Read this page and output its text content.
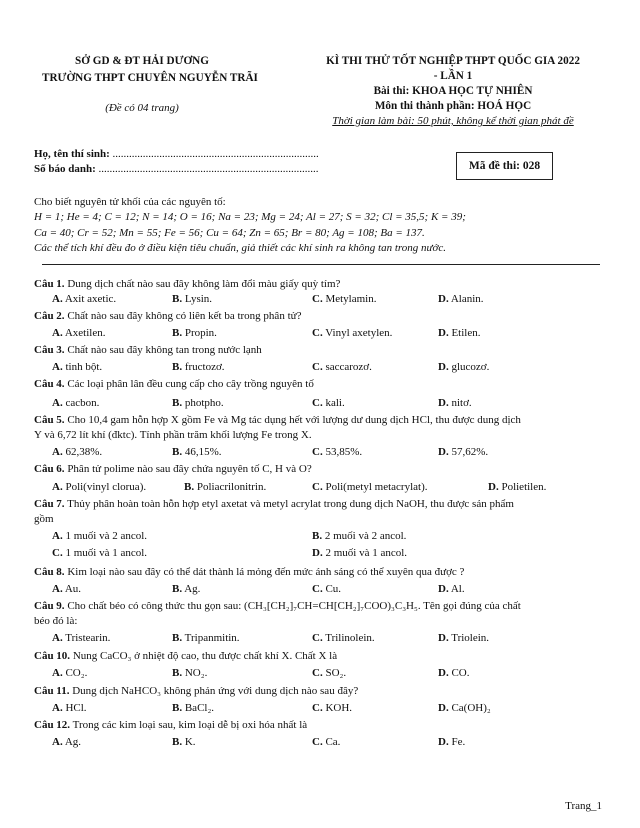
SỞ GD & ĐT HẢI DƯƠNG
TRƯỜNG THPT CHUYÊN NGUYỄN TRÃI
(Đề có 04 trang)
KÌ THI THỬ TỐT NGHIỆP THPT QUỐC GIA 2022
- LẦN 1
Bài thi: KHOA HỌC TỰ NHIÊN
Môn thi thành phần: HOÁ HỌC
Thời gian làm bài: 50 phút, không kể thời gian phát đề
Họ, tên thí sinh: ...........................................................................
Số báo danh: ................................................................................	Mã đề thi: 028
Cho biết nguyên tử khối của các nguyên tố:
H = 1; He = 4; C = 12; N = 14; O = 16; Na = 23; Mg = 24; Al = 27; S = 32; Cl = 35,5; K = 39;
Ca = 40; Cr = 52; Mn = 55; Fe = 56; Cu = 64; Zn = 65; Br = 80; Ag = 108; Ba = 137.
Các thể tích khí đều đo ở điều kiện tiêu chuẩn, giả thiết các khí sinh ra không tan trong nước.
Câu 1. Dung dịch chất nào sau đây không làm đổi màu giấy quỳ tím?
A. Axit axetic.	B. Lysin.	C. Metylamin.	D. Alanin.
Câu 2. Chất nào sau đây không có liên kết ba trong phân tử?
A. Axetilen.	B. Propin.	C. Vinyl axetylen.	D. Etilen.
Câu 3. Chất nào sau đây không tan trong nước lạnh
A. tinh bột.	B. fructozơ.	C. saccarozơ.	D. glucozơ.
Câu 4. Các loại phân lân đều cung cấp cho cây trồng nguyên tố
A. cacbon.	B. photpho.	C. kali.	D. nitơ.
Câu 5. Cho 10,4 gam hỗn hợp X gồm Fe và Mg tác dụng hết với lượng dư dung dịch HCl, thu được dung dịch
Y và 6,72 lít khí (đktc). Tính phần trăm khối lượng Fe trong X.
A. 62,38%.	B. 46,15%.	C. 53,85%.	D. 57,62%.
Câu 6. Phân tử polime nào sau đây chứa nguyên tố C, H và O?
A. Poli(vinyl clorua).	B. Poliacrilonitrin.	C. Poli(metyl metacrylat).	D. Polietilen.
Câu 7. Thủy phân hoàn toàn hỗn hợp etyl axetat và metyl acrylat trong dung dịch NaOH, thu được sản phẩm
gồm
A. 1 muối và 2 ancol.	B. 2 muối và 2 ancol.
C. 1 muối và 1 ancol.	D. 2 muối và 1 ancol.
Câu 8. Kim loại nào sau đây có thể dát thành lá mỏng đến mức ánh sáng có thể xuyên qua được ?
A. Au.	B. Ag.	C. Cu.	D. Al.
Câu 9. Cho chất béo có công thức thu gọn sau: (CH₃[CH₂]₇CH=CH[CH₂]₇COO)₃C₃H₅. Tên gọi đúng của chất
béo đó là:
A. Tristearin.	B. Tripanmitin.	C. Trilinolein.	D. Triolein.
Câu 10. Nung CaCO₃ ở nhiệt độ cao, thu được chất khí X. Chất X là
A. CO₂.	B. NO₂.	C. SO₂.	D. CO.
Câu 11. Dung dịch NaHCO₃ không phản ứng với dung dịch nào sau đây?
A. HCl.	B. BaCl₂.	C. KOH.	D. Ca(OH)₂
Câu 12. Trong các kim loại sau, kim loại dễ bị oxi hóa nhất là
A. Ag.	B. K.	C. Ca.	D. Fe.
Trang_1
